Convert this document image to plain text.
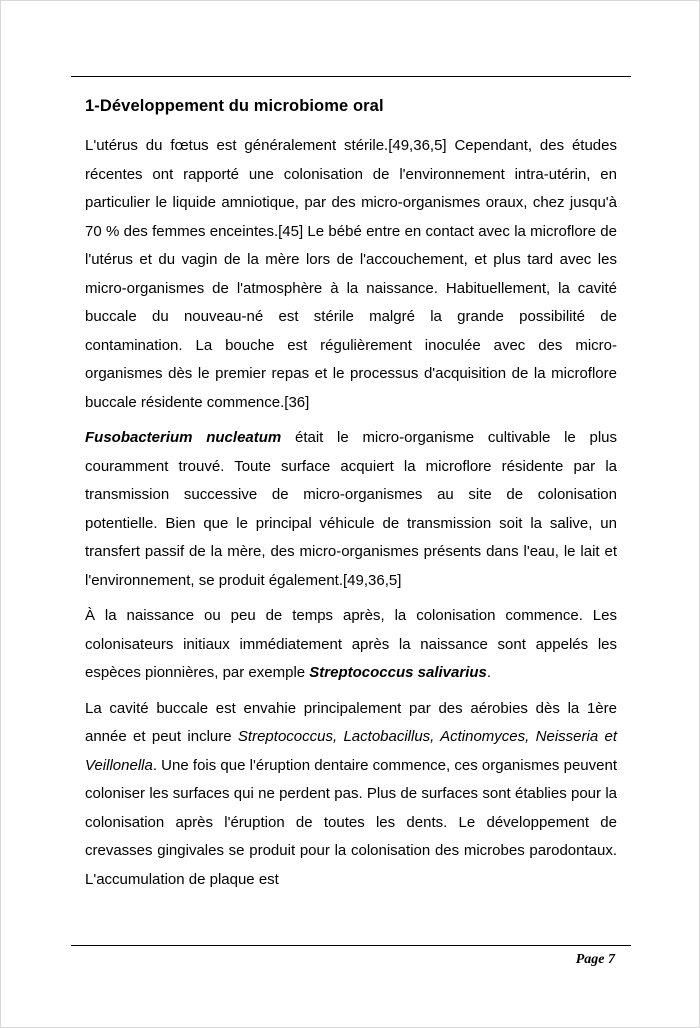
1-Développement du microbiome oral

L'utérus du fœtus est généralement stérile.[49,36,5] Cependant, des études récentes ont rapporté une colonisation de l'environnement intra-utérin, en particulier le liquide amniotique, par des micro-organismes oraux, chez jusqu'à 70 % des femmes enceintes.[45] Le bébé entre en contact avec la microflore de l'utérus et du vagin de la mère lors de l'accouchement, et plus tard avec les micro-organismes de l'atmosphère à la naissance. Habituellement, la cavité buccale du nouveau-né est stérile malgré la grande possibilité de contamination. La bouche est régulièrement inoculée avec des micro-organismes dès le premier repas et le processus d'acquisition de la microflore buccale résidente commence.[36]

Fusobacterium nucleatum était le micro-organisme cultivable le plus couramment trouvé. Toute surface acquiert la microflore résidente par la transmission successive de micro-organismes au site de colonisation potentielle. Bien que le principal véhicule de transmission soit la salive, un transfert passif de la mère, des micro-organismes présents dans l'eau, le lait et l'environnement, se produit également.[49,36,5]

À la naissance ou peu de temps après, la colonisation commence. Les colonisateurs initiaux immédiatement après la naissance sont appelés les espèces pionnières, par exemple Streptococcus salivarius.

La cavité buccale est envahie principalement par des aérobies dès la 1ère année et peut inclure Streptococcus, Lactobacillus, Actinomyces, Neisseria et Veillonella. Une fois que l'éruption dentaire commence, ces organismes peuvent coloniser les surfaces qui ne perdent pas. Plus de surfaces sont établies pour la colonisation après l'éruption de toutes les dents. Le développement de crevasses gingivales se produit pour la colonisation des microbes parodontaux. L'accumulation de plaque est

Page 7
